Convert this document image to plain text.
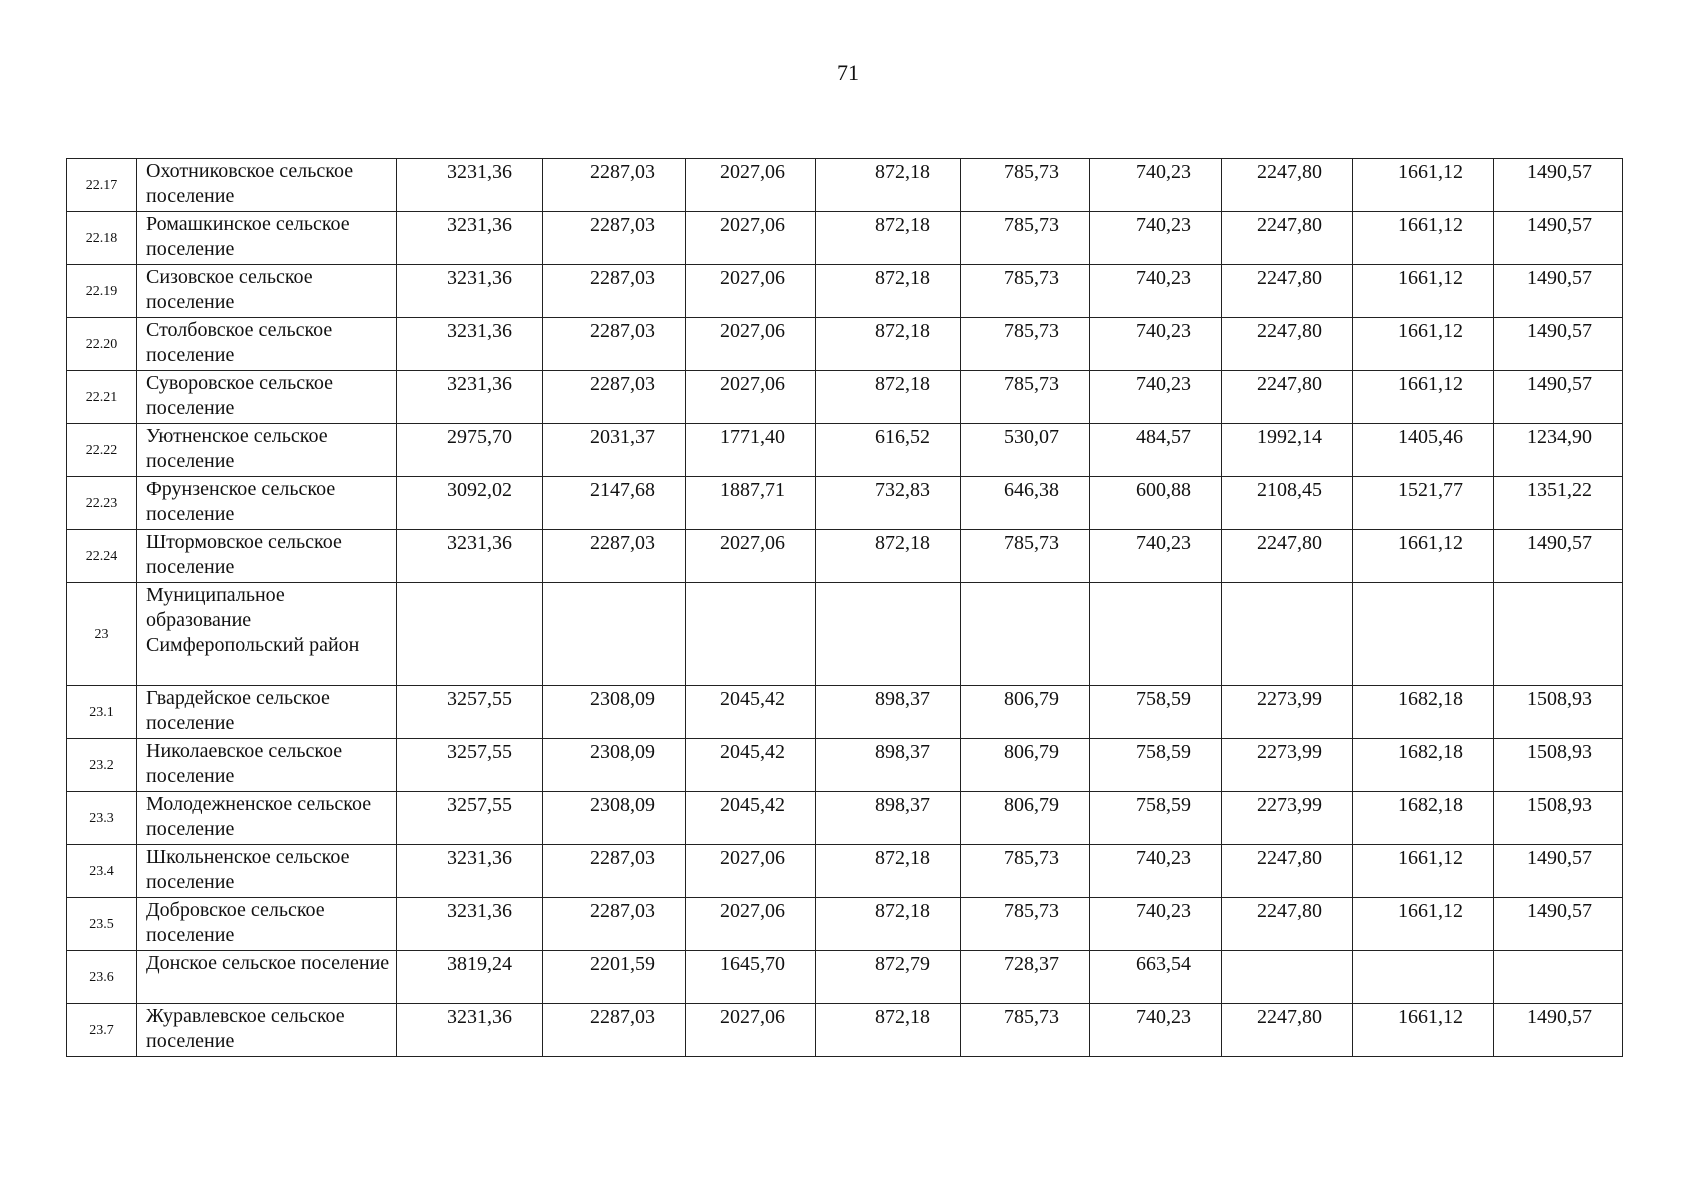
71
22.17	Охотниковское сельское поселение	3231,36	2287,03	2027,06	872,18	785,73	740,23	2247,80	1661,12	1490,57
22.18	Ромашкинское сельское поселение	3231,36	2287,03	2027,06	872,18	785,73	740,23	2247,80	1661,12	1490,57
22.19	Сизовское сельское поселение	3231,36	2287,03	2027,06	872,18	785,73	740,23	2247,80	1661,12	1490,57
22.20	Столбовское сельское поселение	3231,36	2287,03	2027,06	872,18	785,73	740,23	2247,80	1661,12	1490,57
22.21	Суворовское сельское поселение	3231,36	2287,03	2027,06	872,18	785,73	740,23	2247,80	1661,12	1490,57
22.22	Уютненское сельское поселение	2975,70	2031,37	1771,40	616,52	530,07	484,57	1992,14	1405,46	1234,90
22.23	Фрунзенское сельское поселение	3092,02	2147,68	1887,71	732,83	646,38	600,88	2108,45	1521,77	1351,22
22.24	Штормовское сельское поселение	3231,36	2287,03	2027,06	872,18	785,73	740,23	2247,80	1661,12	1490,57
23	Муниципальное образование Симферопольский район									
23.1	Гвардейское сельское поселение	3257,55	2308,09	2045,42	898,37	806,79	758,59	2273,99	1682,18	1508,93
23.2	Николаевское сельское поселение	3257,55	2308,09	2045,42	898,37	806,79	758,59	2273,99	1682,18	1508,93
23.3	Молодежненское сельское поселение	3257,55	2308,09	2045,42	898,37	806,79	758,59	2273,99	1682,18	1508,93
23.4	Школьненское сельское поселение	3231,36	2287,03	2027,06	872,18	785,73	740,23	2247,80	1661,12	1490,57
23.5	Добровское сельское поселение	3231,36	2287,03	2027,06	872,18	785,73	740,23	2247,80	1661,12	1490,57
23.6	Донское сельское поселение	3819,24	2201,59	1645,70	872,79	728,37	663,54			
23.7	Журавлевское сельское поселение	3231,36	2287,03	2027,06	872,18	785,73	740,23	2247,80	1661,12	1490,57
